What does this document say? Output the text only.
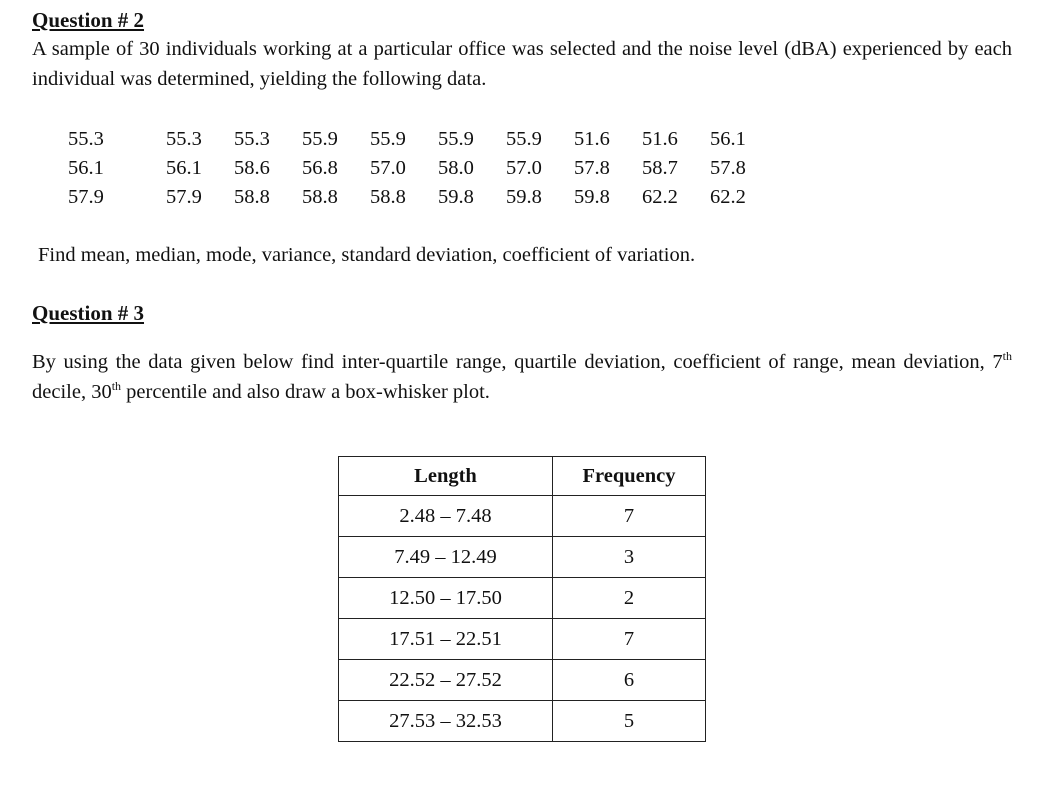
Question # 2

A sample of 30 individuals working at a particular office was selected and the noise level (dBA) experienced by each individual was determined, yielding the following data.

55.3	55.3	55.3	55.9	55.9	55.9	55.9	51.6	51.6	56.1
56.1	56.1	58.6	56.8	57.0	58.0	57.0	57.8	58.7	57.8
57.9	57.9	58.8	58.8	58.8	59.8	59.8	59.8	62.2	62.2

Find mean, median, mode, variance, standard deviation, coefficient of variation.

Question # 3

By using the data given below find inter-quartile range, quartile deviation, coefficient of range, mean deviation, 7th decile, 30th percentile and also draw a box-whisker plot.

Length	Frequency
2.48 – 7.48	7
7.49 – 12.49	3
12.50 – 17.50	2
17.51 – 22.51	7
22.52 – 27.52	6
27.53 – 32.53	5
